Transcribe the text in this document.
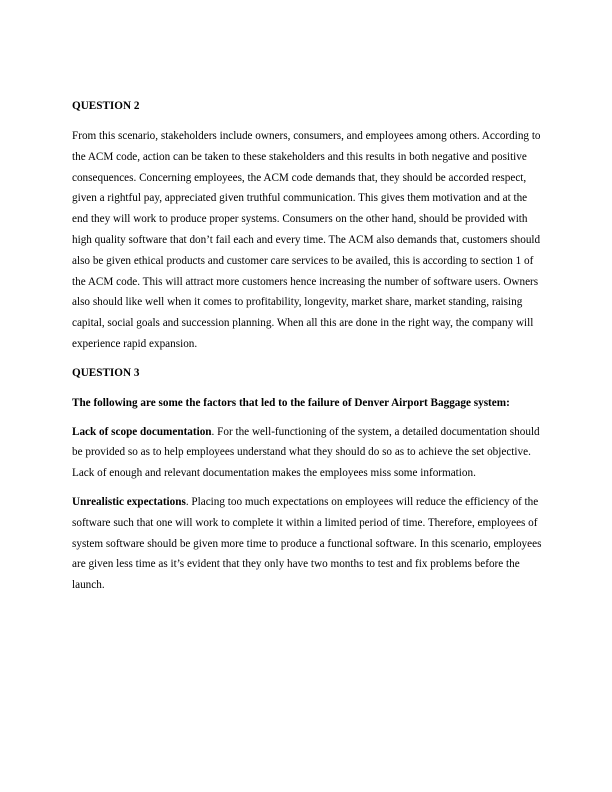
QUESTION 2

From this scenario, stakeholders include owners, consumers, and employees among others. According to the ACM code, action can be taken to these stakeholders and this results in both negative and positive consequences. Concerning employees, the ACM code demands that, they should be accorded respect, given a rightful pay, appreciated given truthful communication. This gives them motivation and at the end they will work to produce proper systems. Consumers on the other hand, should be provided with high quality software that don’t fail each and every time. The ACM also demands that, customers should also be given ethical products and customer care services to be availed, this is according to section 1 of the ACM code. This will attract more customers hence increasing the number of software users. Owners also should like well when it comes to profitability, longevity, market share, market standing, raising capital, social goals and succession planning. When all this are done in the right way, the company will experience rapid expansion.

QUESTION 3

The following are some the factors that led to the failure of Denver Airport Baggage system:

Lack of scope documentation. For the well-functioning of the system, a detailed documentation should be provided so as to help employees understand what they should do so as to achieve the set objective. Lack of enough and relevant documentation makes the employees miss some information.

Unrealistic expectations. Placing too much expectations on employees will reduce the efficiency of the software such that one will work to complete it within a limited period of time. Therefore, employees of system software should be given more time to produce a functional software. In this scenario, employees are given less time as it’s evident that they only have two months to test and fix problems before the launch.
